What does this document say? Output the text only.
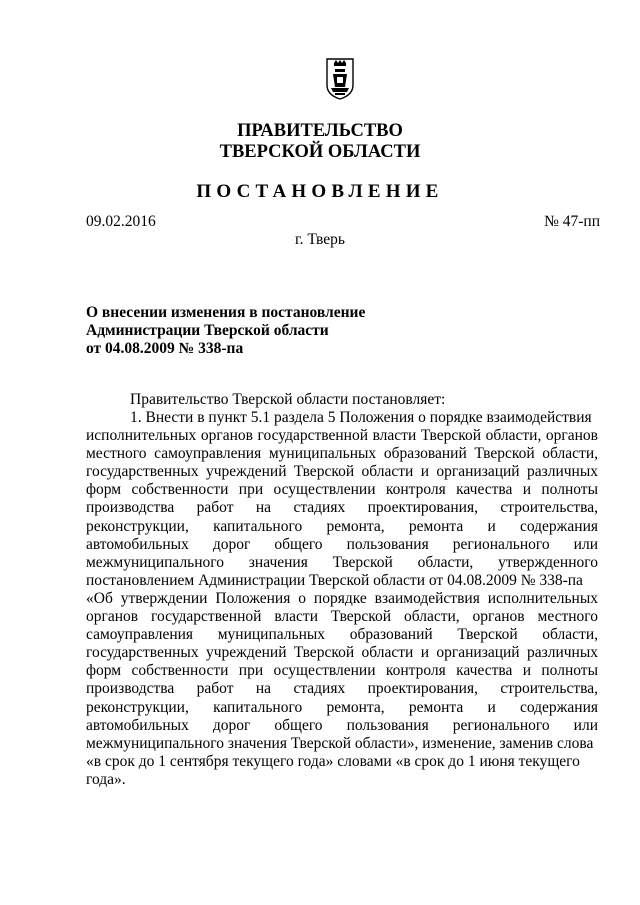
ПРАВИТЕЛЬСТВО
ТВЕРСКОЙ ОБЛАСТИ
ПОСТАНОВЛЕНИЕ
09.02.2016	№ 47-пп
г. Тверь
О внесении изменения в постановление
Администрации Тверской области
от 04.08.2009 № 338-па
Правительство Тверской области постановляет:
1. Внести в пункт 5.1 раздела 5 Положения о порядке взаимодействия
исполнительных органов государственной власти Тверской области, органов
местного самоуправления муниципальных образований Тверской области,
государственных учреждений Тверской области и организаций различных
форм собственности при осуществлении контроля качества и полноты
производства работ на стадиях проектирования, строительства,
реконструкции, капитального ремонта, ремонта и содержания
автомобильных дорог общего пользования регионального или
межмуниципального значения Тверской области, утвержденного
постановлением Администрации Тверской области от 04.08.2009 № 338-па
«Об утверждении Положения о порядке взаимодействия исполнительных
органов государственной власти Тверской области, органов местного
самоуправления муниципальных образований Тверской области,
государственных учреждений Тверской области и организаций различных
форм собственности при осуществлении контроля качества и полноты
производства работ на стадиях проектирования, строительства,
реконструкции, капитального ремонта, ремонта и содержания
автомобильных дорог общего пользования регионального или
межмуниципального значения Тверской области», изменение, заменив слова
«в срок до 1 сентября текущего года» словами «в срок до 1 июня текущего
года».
